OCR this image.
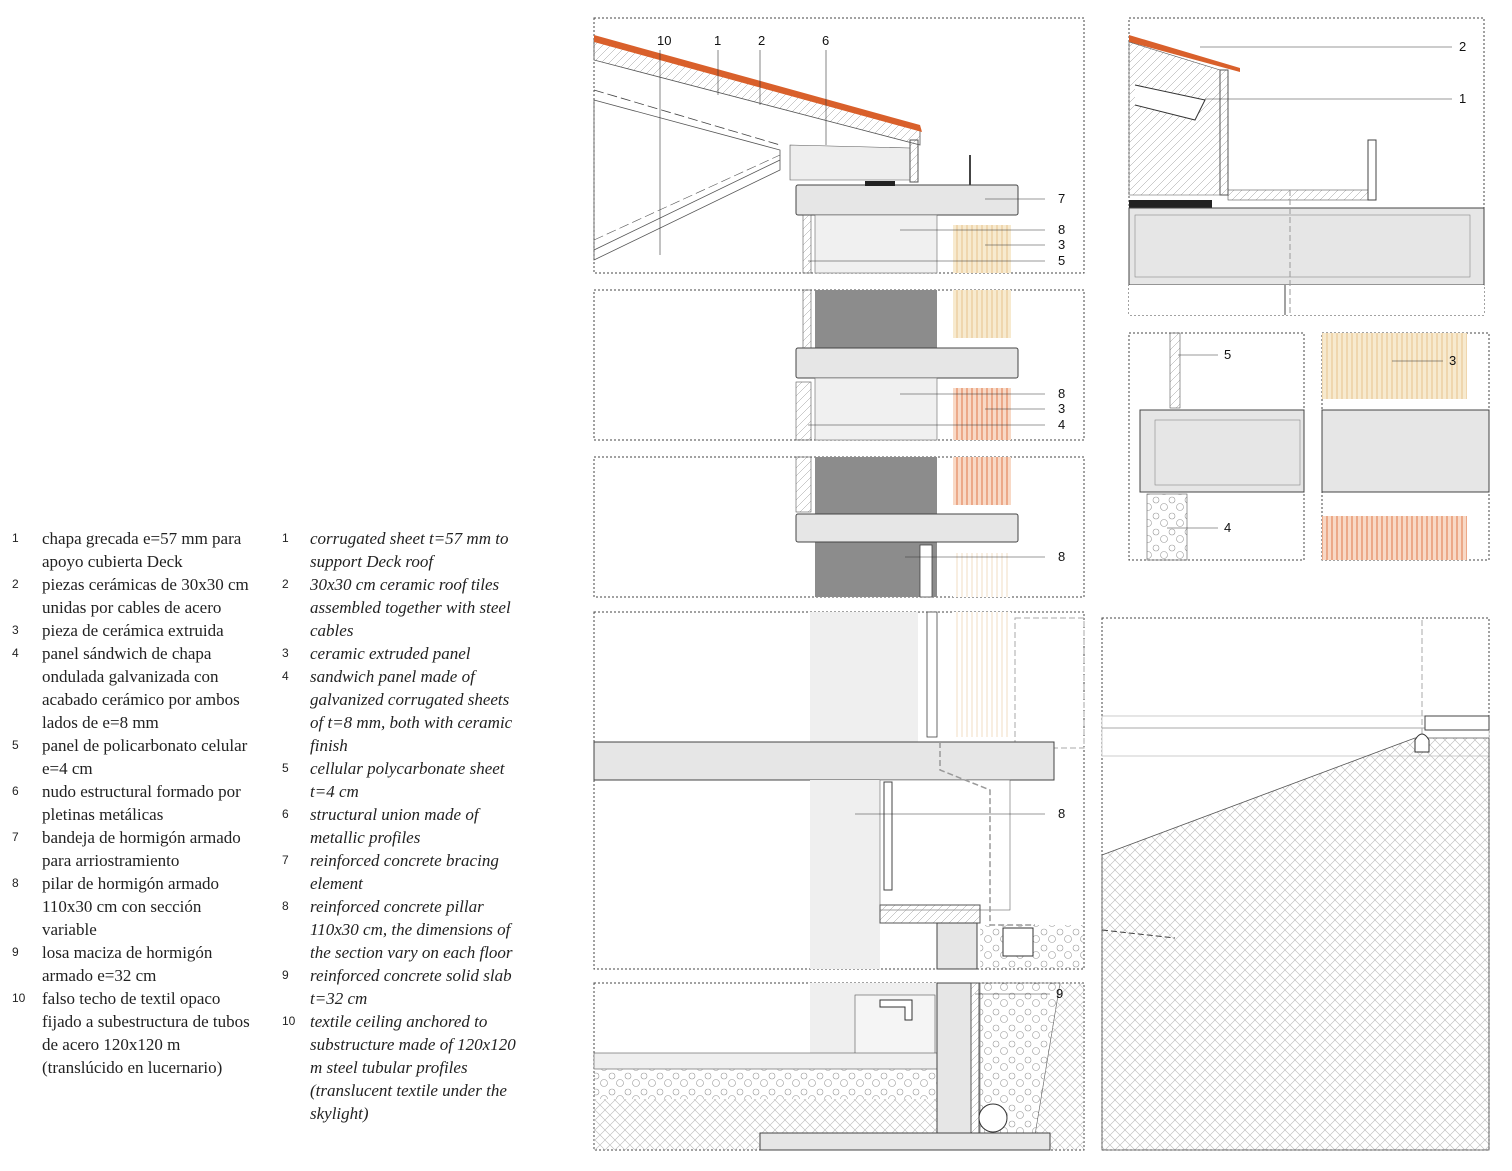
1 chapa grecada e=57 mm para apoyo cubierta Deck
2 piezas cerámicas de 30x30 cm unidas por cables de acero
3 pieza de cerámica extruida
4 panel sándwich de chapa ondulada galvanizada con acabado cerámico por ambos lados de e=8 mm
5 panel de policarbonato celular e=4 cm
6 nudo estructural formado por pletinas metálicas
7 bandeja de hormigón armado para arriostramiento
8 pilar de hormigón armado 110x30 cm con sección variable
9 losa maciza de hormigón armado e=32 cm
10 falso techo de textil opaco fijado a subestructura de tubos de acero 120x120 m (translúcido en lucernario)
1 corrugated sheet t=57 mm to support Deck roof
2 30x30 cm ceramic roof tiles assembled together with steel cables
3 ceramic extruded panel
4 sandwich panel made of galvanized corrugated sheets of t=8 mm, both with ceramic finish
5 cellular polycarbonate sheet t=4 cm
6 structural union made of metallic profiles
7 reinforced concrete bracing element
8 reinforced concrete pillar 110x30 cm, the dimensions of the section vary on each floor
9 reinforced concrete solid slab t=32 cm
10 textile ceiling anchored to substructure made of 120x120 m steel tubular profiles (translucent textile under the skylight)
10	1	2	6
7
8
3
5
8
3
4
8
8
9
2
1
5
4
3
